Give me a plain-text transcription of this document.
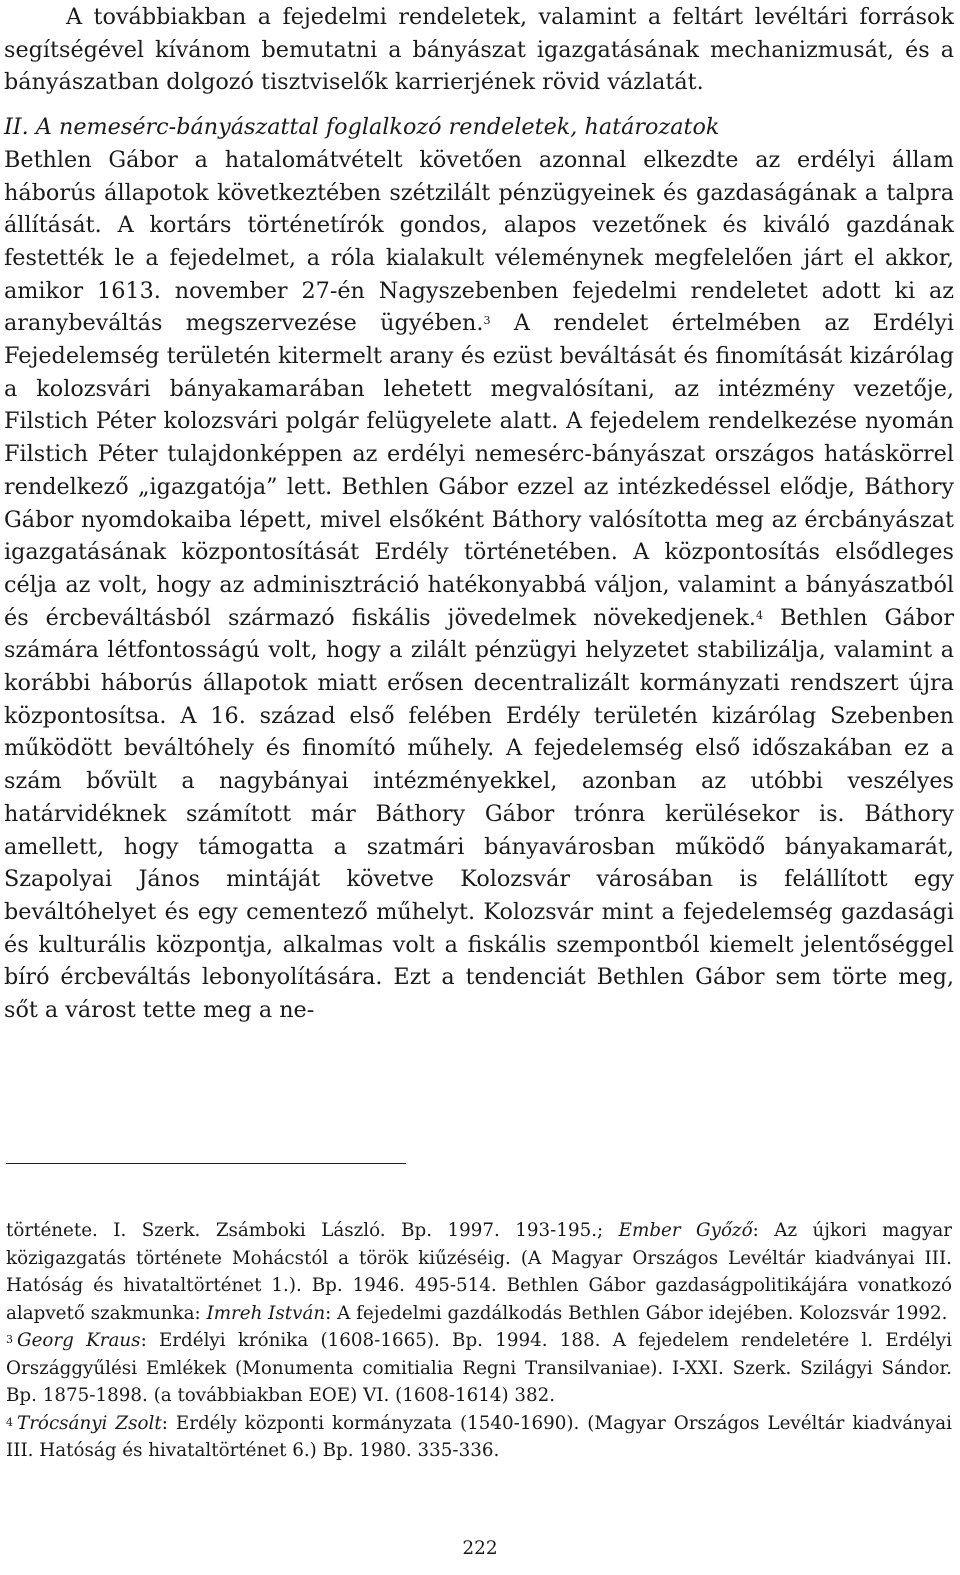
A továbbiakban a fejedelmi rendeletek, valamint a feltárt levéltári források segítségével kívánom bemutatni a bányászat igazgatásának mechanizmusát, és a bányászatban dolgozó tisztviselők karrierjének rövid vázlatát.

II. A nemesérc-bányászattal foglalkozó rendeletek, határozatok

Bethlen Gábor a hatalomátvételt követően azonnal elkezdte az erdélyi állam háborús állapotok következtében szétzilált pénzügyeinek és gazdaságának a talpra állítását. A kortárs történetírók gondos, alapos vezetőnek és kiváló gazdának festették le a fejedelmet, a róla kialakult véleménynek megfelelően járt el akkor, amikor 1613. november 27-én Nagyszebenben fejedelmi rendeletet adott ki az aranybeváltás megszervezése ügyében.$^3$ A rendelet értelmében az Erdélyi Fejedelemség területén kitermelt arany és ezüst beváltását és finomítását kizárólag a kolozsvári bányakamarában lehetett megvalósítani, az intézmény vezetője, Filstich Péter kolozsvári polgár felügyelete alatt. A fejedelem rendelkezése nyomán Filstich Péter tulajdonképpen az erdélyi nemesérc-bányászat országos hatáskörrel rendelkező „igazgatója” lett. Bethlen Gábor ezzel az intézkedéssel elődje, Báthory Gábor nyomdokaiba lépett, mivel elsőként Báthory valósította meg az ércbányászat igazgatásának központosítását Erdély történetében. A központosítás elsődleges célja az volt, hogy az adminisztráció hatékonyabbá váljon, valamint a bányászatból és ércbeváltásból származó fiskális jövedelmek növekedjenek.$^4$ Bethlen Gábor számára létfontosságú volt, hogy a zilált pénzügyi helyzetet stabilizálja, valamint a korábbi háborús állapotok miatt erősen decentralizált kormányzati rendszert újra központosítsa. A 16. század első felében Erdély területén kizárólag Szebenben működött beváltóhely és finomító műhely. A fejedelemség első időszakában ez a szám bővült a nagybányai intézményekkel, azonban az utóbbi veszélyes határvidéknek számított már Báthory Gábor trónra kerülésekor is. Báthory amellett, hogy támogatta a szatmári bányavárosban működő bányakamarát, Szapolyai János mintáját követve Kolozsvár városában is felállított egy beváltóhelyet és egy cementező műhelyt. Kolozsvár mint a fejedelemség gazdasági és kulturális központja, alkalmas volt a fiskális szempontból kiemelt jelentőséggel bíró ércbeváltás lebonyolítására. Ezt a tendenciát Bethlen Gábor sem törte meg, sőt a várost tette meg a ne-

története. I. Szerk. Zsámboki László. Bp. 1997. 193-195.; Ember Győző: Az újkori magyar közigazgatás története Mohácstól a török kiűzéséig. (A Magyar Országos Levéltár kiadványai III. Hatóság és hivataltörténet 1.). Bp. 1946. 495-514. Bethlen Gábor gazdaságpolitikájára vonatkozó alapvető szakmunka: Imreh István: A fejedelmi gazdálkodás Bethlen Gábor idejében. Kolozsvár 1992.

$^3$ Georg Kraus: Erdélyi krónika (1608-1665). Bp. 1994. 188. A fejedelem rendeletére l. Erdélyi Országgyűlési Emlékek (Monumenta comitialia Regni Transilvaniae). I-XXI. Szerk. Szilágyi Sándor. Bp. 1875-1898. (a továbbiakban EOE) VI. (1608-1614) 382.

$^4$ Trócsányi Zsolt: Erdély központi kormányzata (1540-1690). (Magyar Országos Levéltár kiadványai III. Hatóság és hivataltörténet 6.) Bp. 1980. 335-336.

222
